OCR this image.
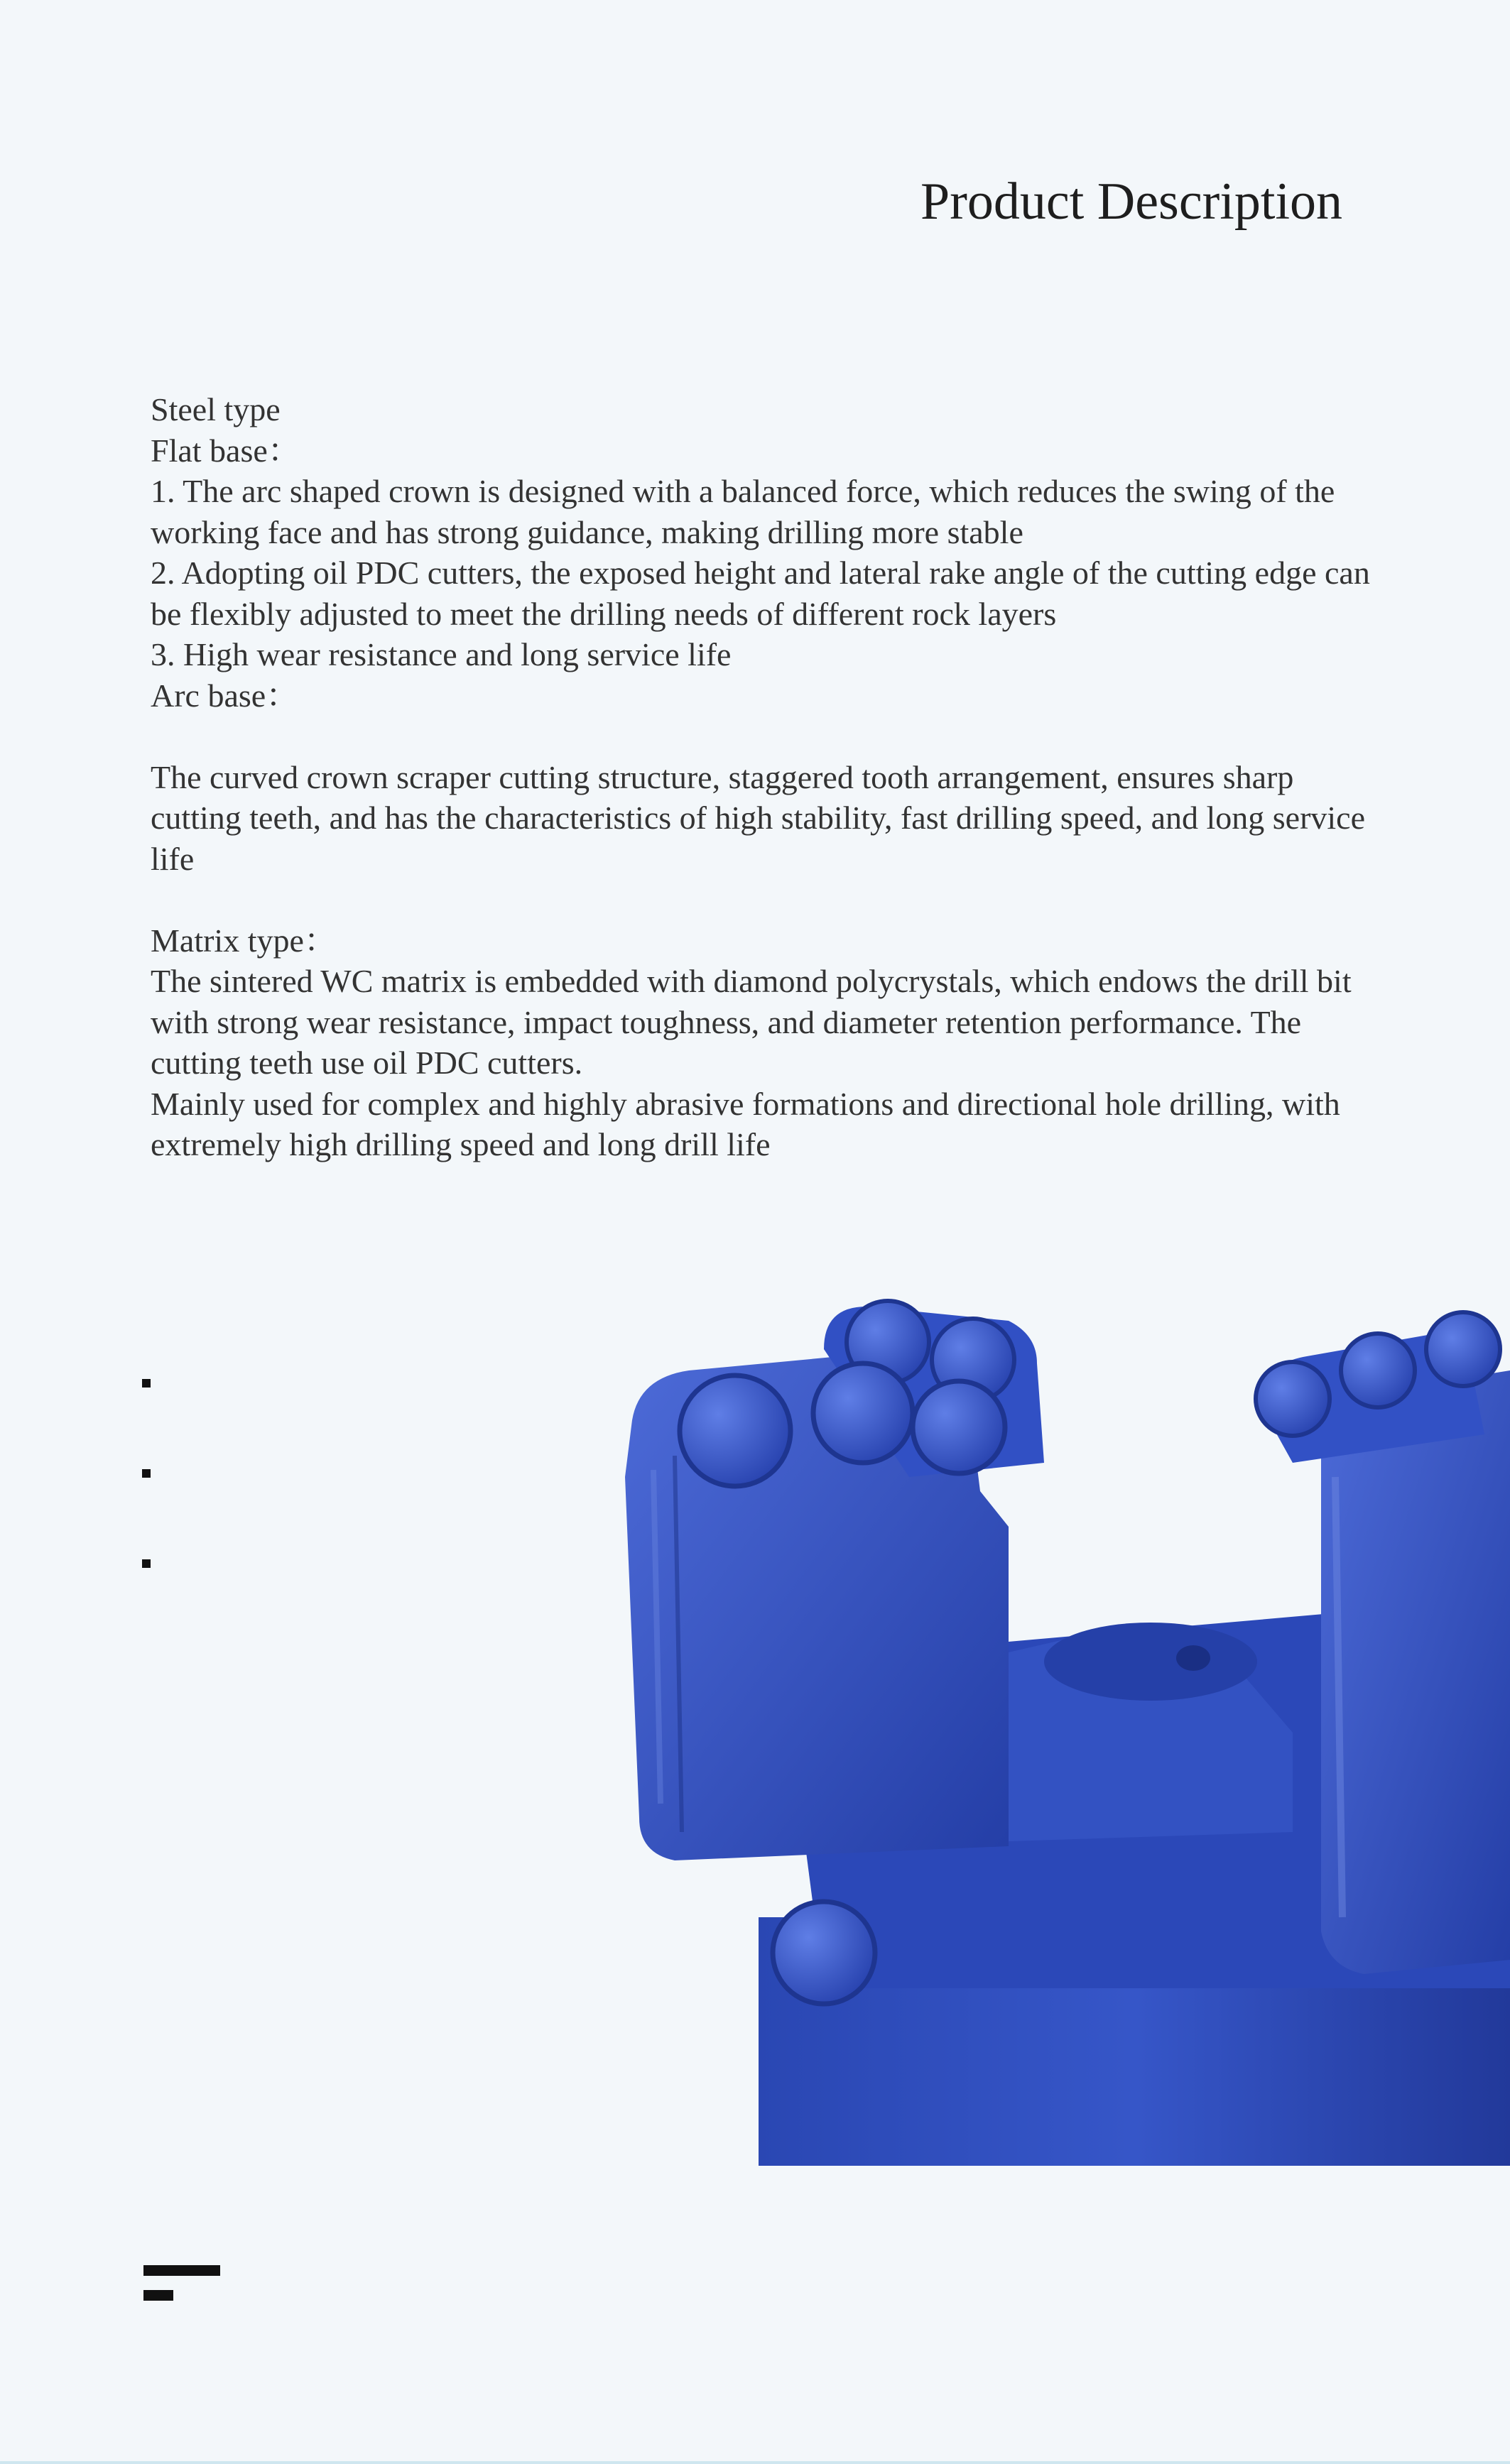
Product Description

Steel type

Flat base：

1. The arc shaped crown is designed with a balanced force, which reduces the swing of the working face and has strong guidance, making drilling more stable

2. Adopting oil PDC cutters, the exposed height and lateral rake angle of the cutting edge can be flexibly adjusted to meet the drilling needs of different rock layers

3. High wear resistance and long service life

Arc base：

The curved crown scraper cutting structure, staggered tooth arrangement, ensures sharp cutting teeth, and has the characteristics of high stability, fast drilling speed, and long service life

Matrix type：

The sintered WC matrix is embedded with diamond polycrystals, which endows the drill bit with strong wear resistance, impact toughness, and diameter retention performance. The cutting teeth use oil PDC cutters.

Mainly used for complex and highly abrasive formations and directional hole drilling, with extremely high drilling speed and long drill life
